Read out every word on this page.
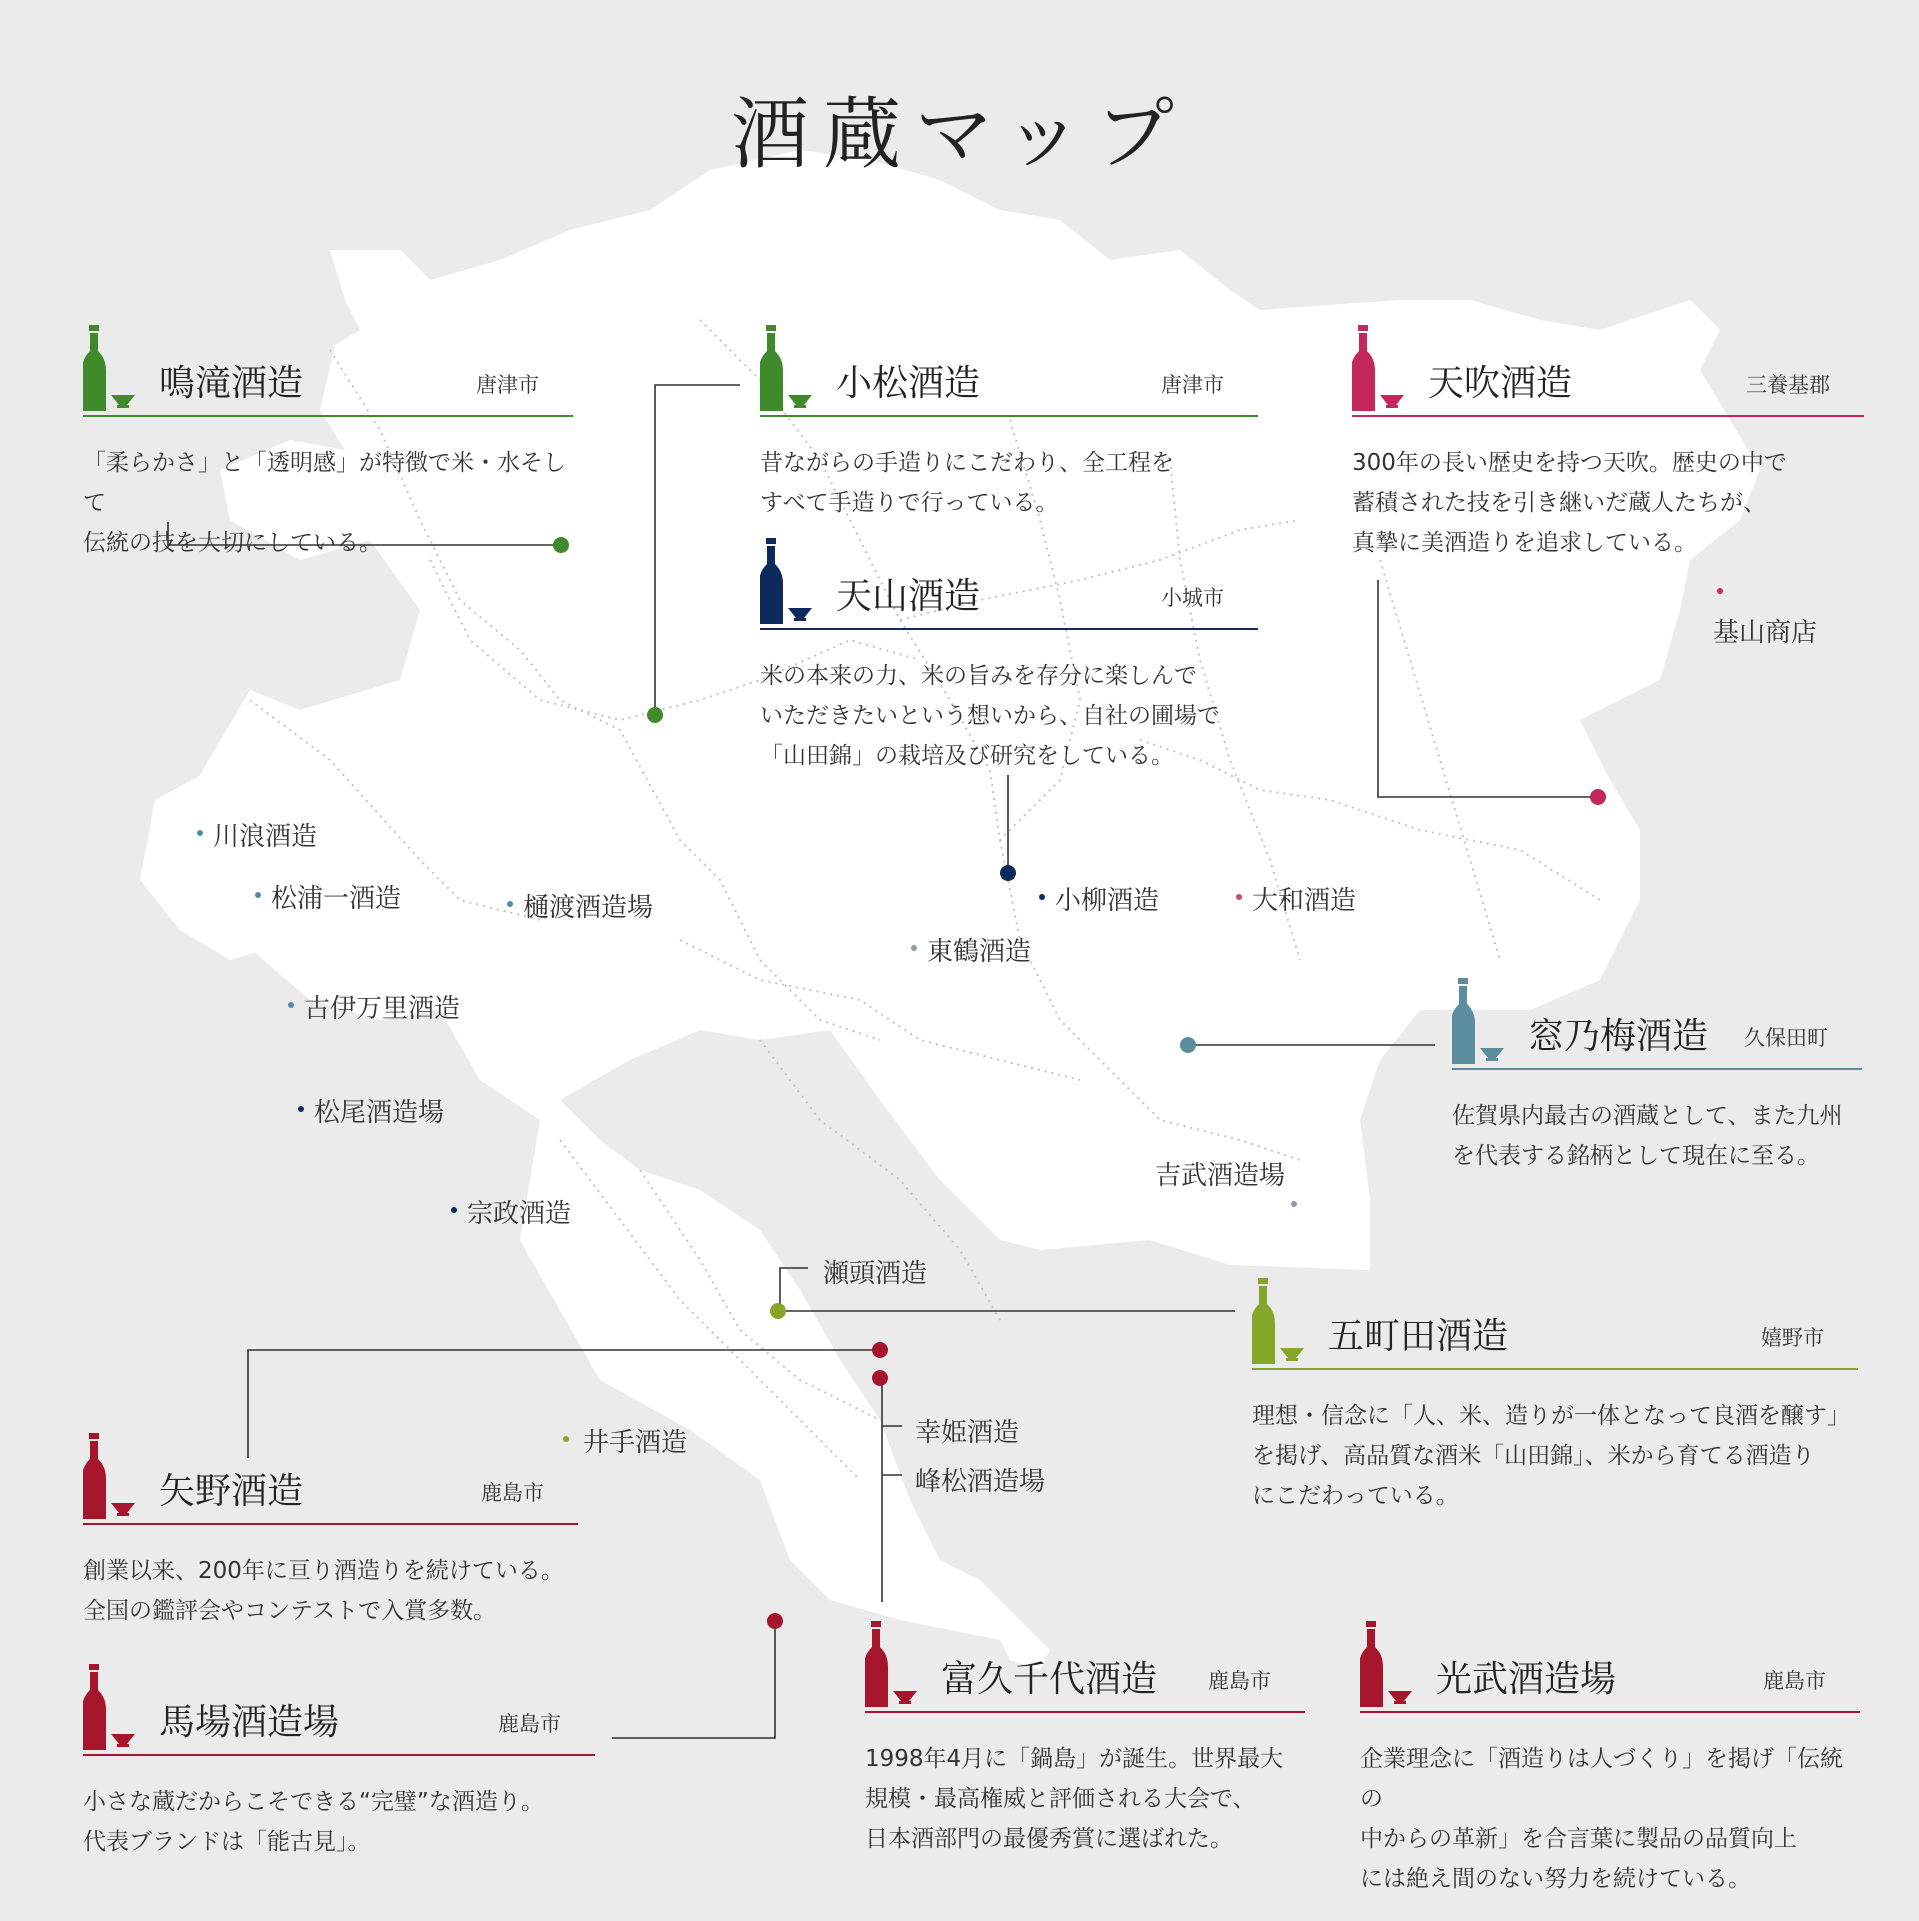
酒蔵マップ
基山商店
川浪酒造
松浦一酒造	樋渡酒造場
古伊万里酒造
松尾酒造場
宗政酒造
小柳酒造	大和酒造
東鶴酒造
吉武酒造場
瀬頭酒造
井手酒造	幸姫酒造
峰松酒造場
鳴滝酒造	唐津市
「柔らかさ」と「透明感」が特徴で米・水そして
伝統の技を大切にしている。
小松酒造	唐津市
昔ながらの手造りにこだわり、全工程を
すべて手造りで行っている。
天吹酒造	三養基郡
300年の長い歴史を持つ天吹。歴史の中で
蓄積された技を引き継いだ蔵人たちが、
真摯に美酒造りを追求している。
天山酒造	小城市
米の本来の力、米の旨みを存分に楽しんで
いただきたいという想いから、自社の圃場で
「山田錦」の栽培及び研究をしている。
窓乃梅酒造 久保田町
佐賀県内最古の酒蔵として、また九州
を代表する銘柄として現在に至る。
五町田酒造	嬉野市
理想・信念に「人、米、造りが一体となって良酒を醸す」
を掲げ、高品質な酒米「山田錦」、米から育てる酒造り
にこだわっている。
矢野酒造	鹿島市
創業以来、200年に亘り酒造りを続けている。
全国の鑑評会やコンテストで入賞多数。
馬場酒造場	鹿島市
小さな蔵だからこそできる“完璧”な酒造り。
代表ブランドは「能古見」。
富久千代酒造 鹿島市
1998年4月に「鍋島」が誕生。世界最大
規模・最高権威と評価される大会で、
日本酒部門の最優秀賞に選ばれた。
光武酒造場	鹿島市
企業理念に「酒造りは人づくり」を掲げ「伝統の
中からの革新」を合言葉に製品の品質向上
には絶え間のない努力を続けている。
